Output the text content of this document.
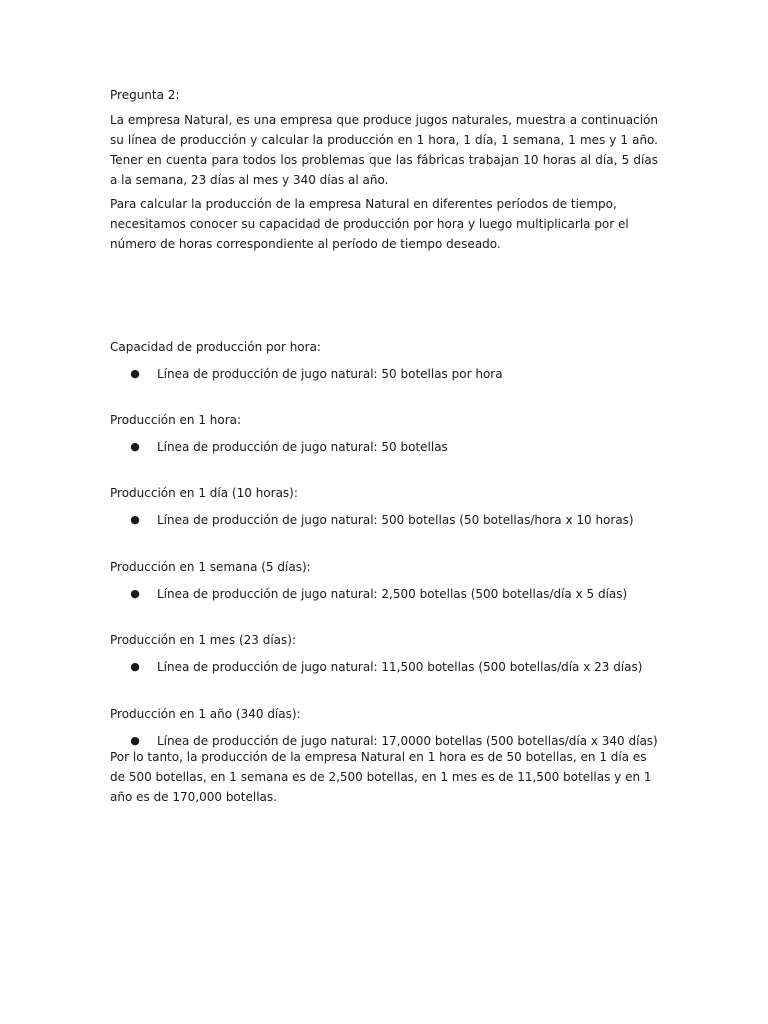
Pregunta 2:

La empresa Natural, es una empresa que produce jugos naturales, muestra a continuación su línea de producción y calcular la producción en 1 hora, 1 día, 1 semana, 1 mes y 1 año. Tener en cuenta para todos los problemas que las fábricas trabajan 10 horas al día, 5 días a la semana, 23 días al mes y 340 días al año.

Para calcular la producción de la empresa Natural en diferentes períodos de tiempo, necesitamos conocer su capacidad de producción por hora y luego multiplicarla por el número de horas correspondiente al período de tiempo deseado.

Capacidad de producción por hora:

● Línea de producción de jugo natural: 50 botellas por hora

Producción en 1 hora:

● Línea de producción de jugo natural: 50 botellas

Producción en 1 día (10 horas):

● Línea de producción de jugo natural: 500 botellas (50 botellas/hora x 10 horas)

Producción en 1 semana (5 días):

● Línea de producción de jugo natural: 2,500 botellas (500 botellas/día x 5 días)

Producción en 1 mes (23 días):

● Línea de producción de jugo natural: 11,500 botellas (500 botellas/día x 23 días)

Producción en 1 año (340 días):

● Línea de producción de jugo natural: 17,0000 botellas (500 botellas/día x 340 días)

Por lo tanto, la producción de la empresa Natural en 1 hora es de 50 botellas, en 1 día es de 500 botellas, en 1 semana es de 2,500 botellas, en 1 mes es de 11,500 botellas y en 1 año es de 170,000 botellas.
